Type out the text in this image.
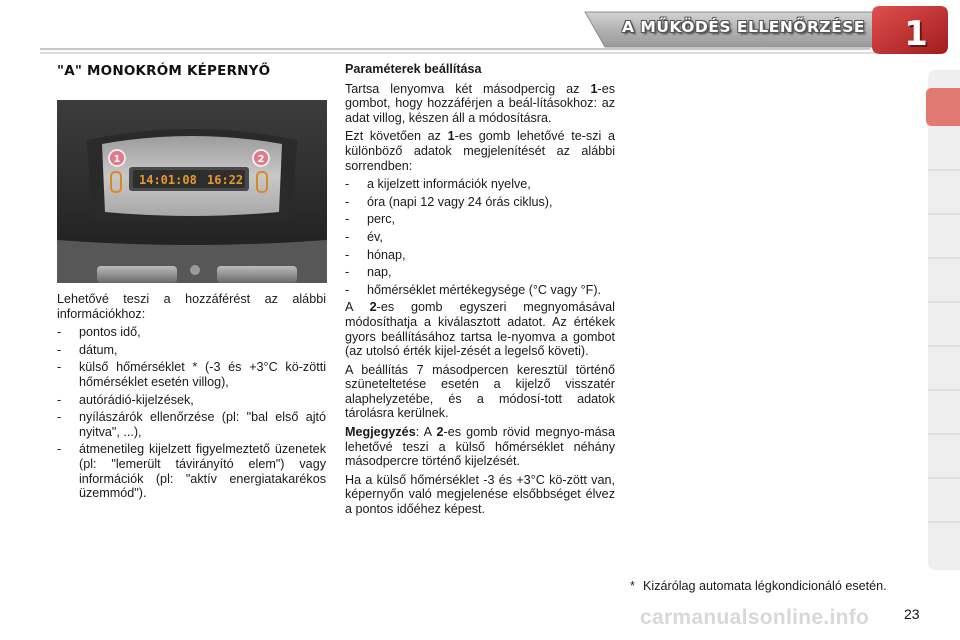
A MŰKÖDÉS ELLENŐRZÉSE	1
"A" MONOKRÓM KÉPERNYŐ
14:01:08 16:22
1	2

Lehetővé teszi a hozzáférést az alábbi információkhoz:

-	pontos idő,
-	dátum,
-	külső hőmérséklet * (-3 és +3°C kö-zötti hőmérséklet esetén villog),
-	autórádió-kijelzések,
-	nyílászárók ellenőrzése (pl: "bal első ajtó nyitva", ...),
-	átmenetileg kijelzett figyelmeztető üzenetek (pl: "lemerült távirányító elem") vagy információk (pl: "aktív energiatakarékos üzemmód").

Paraméterek beállítása

Tartsa lenyomva két másodpercig az 1-es gombot, hogy hozzáférjen a beál-lításokhoz: az adat villog, készen áll a módosításra.

Ezt követően az 1-es gomb lehetővé te-szi a különböző adatok megjelenítését az alábbi sorrendben:

-	a kijelzett információk nyelve,
-	óra (napi 12 vagy 24 órás ciklus),
-	perc,
-	év,
-	hónap,
-	nap,
-	hőmérséklet mértékegysége (°C vagy °F).

A 2-es gomb egyszeri megnyomásával módosíthatja a kiválasztott adatot. Az értékek gyors beállításához tartsa le-nyomva a gombot (az utolsó érték kijel-zését a legelső követi).

A beállítás 7 másodpercen keresztül történő szüneteltetése esetén a kijelző visszatér alaphelyzetébe, és a módosí-tott adatok tárolásra kerülnek.

Megjegyzés: A 2-es gomb rövid megnyo-mása lehetővé teszi a külső hőmérséklet néhány másodpercre történő kijelzését.

Ha a külső hőmérséklet -3 és +3°C kö-zött van, képernyőn való megjelenése elsőbbséget élvez a pontos időéhez képest.

* Kizárólag automata légkondicionáló esetén.
carmanualsonline.info 23
